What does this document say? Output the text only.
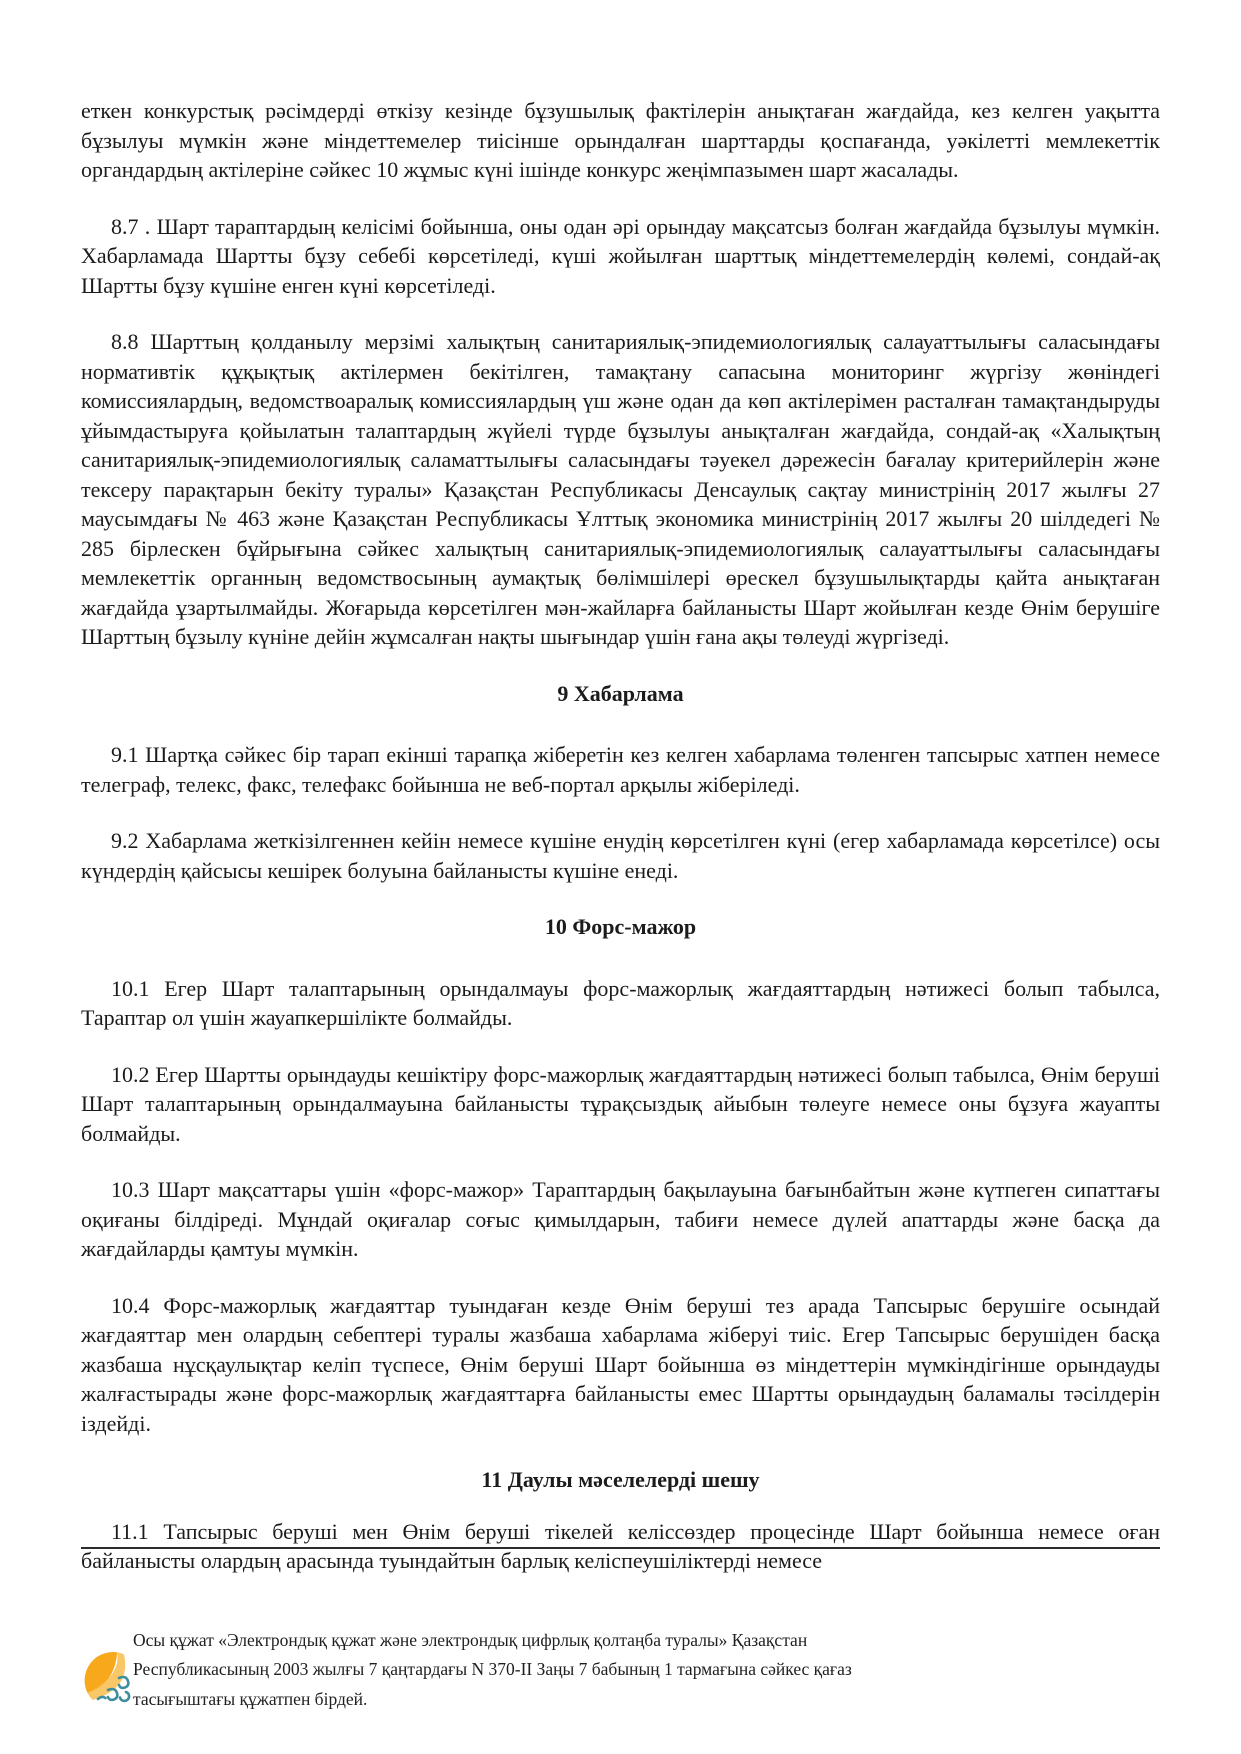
еткен конкурстық рәсімдерді өткізу кезінде бұзушылық фактілерін анықтаған жағдайда, кез келген уақытта бұзылуы мүмкін және міндеттемелер тиісінше орындалған шарттарды қоспағанда, уәкілетті мемлекеттік органдардың актілеріне сәйкес 10 жұмыс күні ішінде конкурс жеңімпазымен шарт жасалады.

8.7 . Шарт тараптардың келісімі бойынша, оны одан әрі орындау мақсатсыз болған жағдайда бұзылуы мүмкін. Хабарламада Шартты бұзу себебі көрсетіледі, күші жойылған шарттық міндеттемелердің көлемі, сондай-ақ Шартты бұзу күшіне енген күні көрсетіледі.

8.8 Шарттың қолданылу мерзімі халықтың санитариялық-эпидемиологиялық салауаттылығы саласындағы нормативтік құқықтық актілермен бекітілген, тамақтану сапасына мониторинг жүргізу жөніндегі комиссиялардың, ведомствоаралық комиссиялардың үш және одан да көп актілерімен расталған тамақтандыруды ұйымдастыруға қойылатын талаптардың жүйелі түрде бұзылуы анықталған жағдайда, сондай-ақ «Халықтың санитариялық-эпидемиологиялық саламаттылығы саласындағы тәуекел дәрежесін бағалау критерийлерін және тексеру парақтарын бекіту туралы» Қазақстан Республикасы Денсаулық сақтау министрінің 2017 жылғы 27 маусымдағы № 463 және Қазақстан Республикасы Ұлттық экономика министрінің 2017 жылғы 20 шілдедегі № 285 бірлескен бұйрығына сәйкес халықтың санитариялық-эпидемиологиялық салауаттылығы саласындағы мемлекеттік органның ведомствосының аумақтық бөлімшілері өрескел бұзушылықтарды қайта анықтаған жағдайда ұзартылмайды. Жоғарыда көрсетілген мән-жайларға байланысты Шарт жойылған кезде Өнім берушіге Шарттың бұзылу күніне дейін жұмсалған нақты шығындар үшін ғана ақы төлеуді жүргізеді.

9 Хабарлама

9.1 Шартқа сәйкес бір тарап екінші тарапқа жіберетін кез келген хабарлама төленген тапсырыс хатпен немесе телеграф, телекс, факс, телефакс бойынша не веб-портал арқылы жіберіледі.

9.2 Хабарлама жеткізілгеннен кейін немесе күшіне енудің көрсетілген күні (егер хабарламада көрсетілсе) осы күндердің қайсысы кешірек болуына байланысты күшіне енеді.

10 Форс-мажор

10.1 Егер Шарт талаптарының орындалмауы форс-мажорлық жағдаяттардың нәтижесі болып табылса, Тараптар ол үшін жауапкершілікте болмайды.

10.2 Егер Шартты орындауды кешіктіру форс-мажорлық жағдаяттардың нәтижесі болып табылса, Өнім беруші Шарт талаптарының орындалмауына байланысты тұрақсыздық айыбын төлеуге немесе оны бұзуға жауапты болмайды.

10.3 Шарт мақсаттары үшін «форс-мажор» Тараптардың бақылауына бағынбайтын және күтпеген сипаттағы оқиғаны білдіреді. Мұндай оқиғалар соғыс қимылдарын, табиғи немесе дүлей апаттарды және басқа да жағдайларды қамтуы мүмкін.

10.4 Форс-мажорлық жағдаяттар туындаған кезде Өнім беруші тез арада Тапсырыс берушіге осындай жағдаяттар мен олардың себептері туралы жазбаша хабарлама жіберуі тиіс. Егер Тапсырыс берушіден басқа жазбаша нұсқаулықтар келіп түспесе, Өнім беруші Шарт бойынша өз міндеттерін мүмкіндігінше орындауды жалғастырады және форс-мажорлық жағдаяттарға байланысты емес Шартты орындаудың баламалы тәсілдерін іздейді.

11 Даулы мәселелерді шешу

11.1 Тапсырыс беруші мен Өнім беруші тікелей келіссөздер процесінде Шарт бойынша немесе оған байланысты олардың арасында туындайтын барлық келіспеушіліктерді немесе

Осы құжат «Электрондық құжат және электрондық цифрлық қолтаңба туралы» Қазақстан
Республикасының 2003 жылғы 7 қаңтардағы N 370-II Заңы 7 бабының 1 тармағына сәйкес қағаз
тасығыштағы құжатпен бірдей.
